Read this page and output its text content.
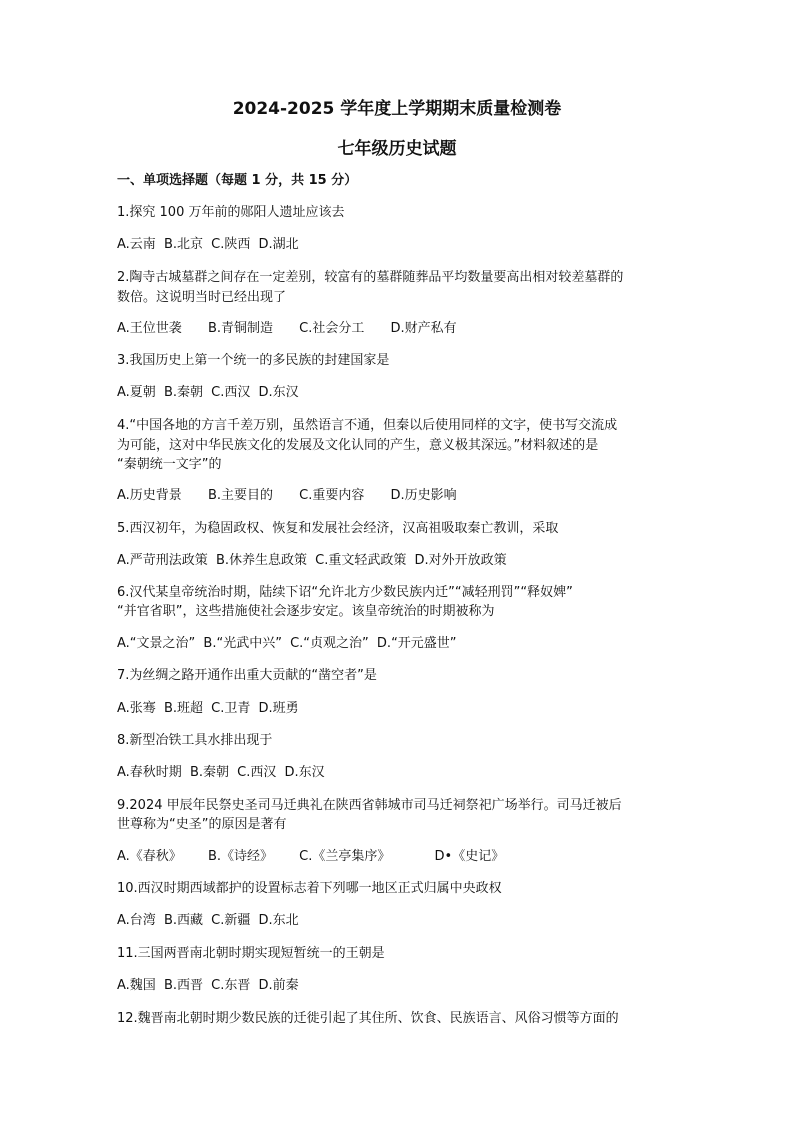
2024-2025 学年度上学期期末质量检测卷
七年级历史试题
一、单项选择题（每题 1 分，共 15 分）
1.探究 100 万年前的郧阳人遗址应该去
A.云南 B.北京 C.陕西 D.湖北
2.陶寺古城墓群之间存在一定差别，较富有的墓群随葬品平均数量要高出相对较差墓群的
数倍。这说明当时已经出现了
A.王位世袭 B.青铜制造 C.社会分工 D.财产私有
3.我国历史上第一个统一的多民族的封建国家是
A.夏朝 B.秦朝 C.西汉 D.东汉
4.“中国各地的方言千差万别，虽然语言不通，但秦以后使用同样的文字，使书写交流成
为可能，这对中华民族文化的发展及文化认同的产生，意义极其深远。”材料叙述的是
“秦朝统一文字”的
A.历史背景 B.主要目的 C.重要内容 D.历史影响
5.西汉初年，为稳固政权、恢复和发展社会经济，汉高祖吸取秦亡教训，采取
A.严苛刑法政策 B.休养生息政策 C.重文轻武政策 D.对外开放政策
6.汉代某皇帝统治时期，陆续下诏“允许北方少数民族内迁”“减轻刑罚”“释奴婢”
“并官省职”，这些措施使社会逐步安定。该皇帝统治的时期被称为
A.“文景之治” B.“光武中兴” C.“贞观之治” D.“开元盛世”
7.为丝绸之路开通作出重大贡献的“凿空者”是
A.张骞 B.班超 C.卫青 D.班勇
8.新型冶铁工具水排出现于
A.春秋时期 B.秦朝 C.西汉 D.东汉
9.2024 甲辰年民祭史圣司马迁典礼在陕西省韩城市司马迁祠祭祀广场举行。司马迁被后
世尊称为“史圣”的原因是著有
A.《春秋》 B.《诗经》 C.《兰亭集序》	D•《史记》
10.西汉时期西域都护的设置标志着下列哪一地区正式归属中央政权
A.台湾 B.西藏 C.新疆 D.东北
11.三国两晋南北朝时期实现短暂统一的王朝是
A.魏国 B.西晋 C.东晋 D.前秦
12.魏晋南北朝时期少数民族的迁徙引起了其住所、饮食、民族语言、风俗习惯等方面的
